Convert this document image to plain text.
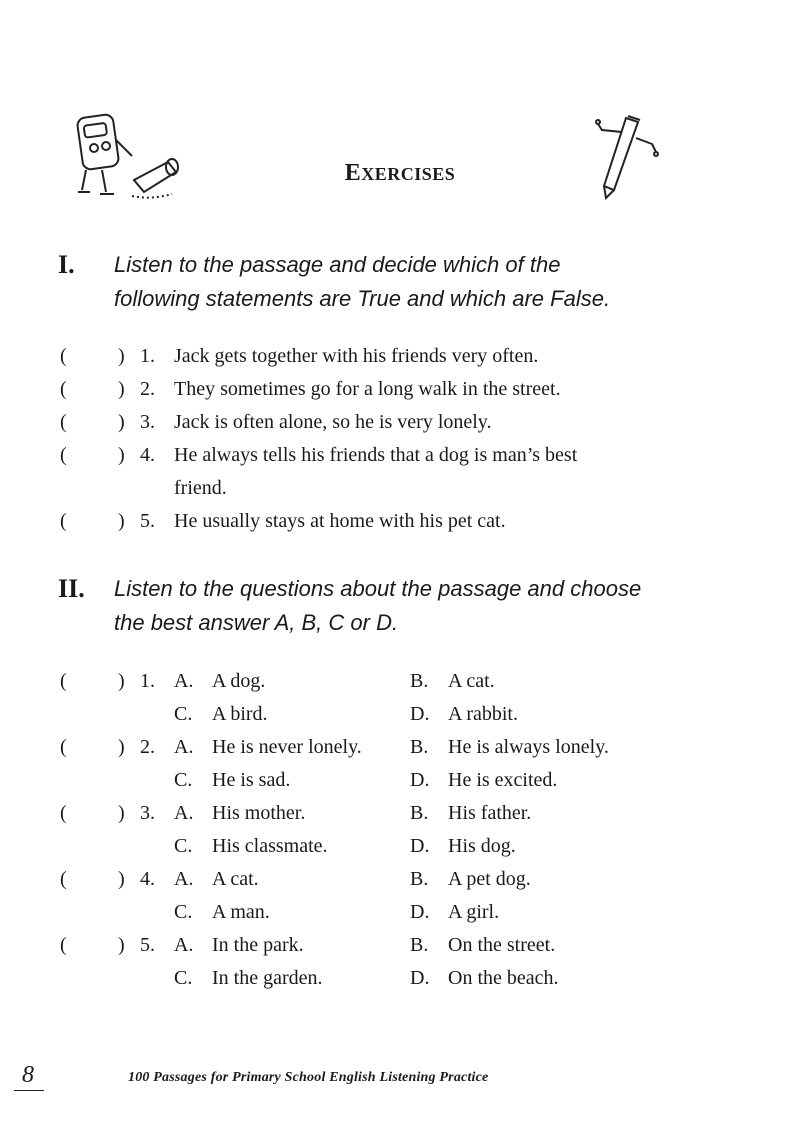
EXERCISES
I. Listen to the passage and decide which of the
following statements are True and which are False.
(	) 1. Jack gets together with his friends very often.
(	) 2. They sometimes go for a long walk in the street.
(	) 3. Jack is often alone, so he is very lonely.
(	) 4. He always tells his friends that a dog is man’s best
friend.
(	) 5. He usually stays at home with his pet cat.
II. Listen to the questions about the passage and choose
the best answer A, B, C or D.
(	) 1. A. A dog.	B. A cat.
C. A bird.	D. A rabbit.
(	) 2. A. He is never lonely. B. He is always lonely.
C. He is sad.	D. He is excited.
(	) 3. A. His mother.	B. His father.
C. His classmate.	D. His dog.
(	) 4. A. A cat.	B. A pet dog.
C. A man.	D. A girl.
(	) 5. A. In the park.	B. On the street.
C. In the garden.	D. On the beach.
8	100 Passages for Primary School English Listening Practice
